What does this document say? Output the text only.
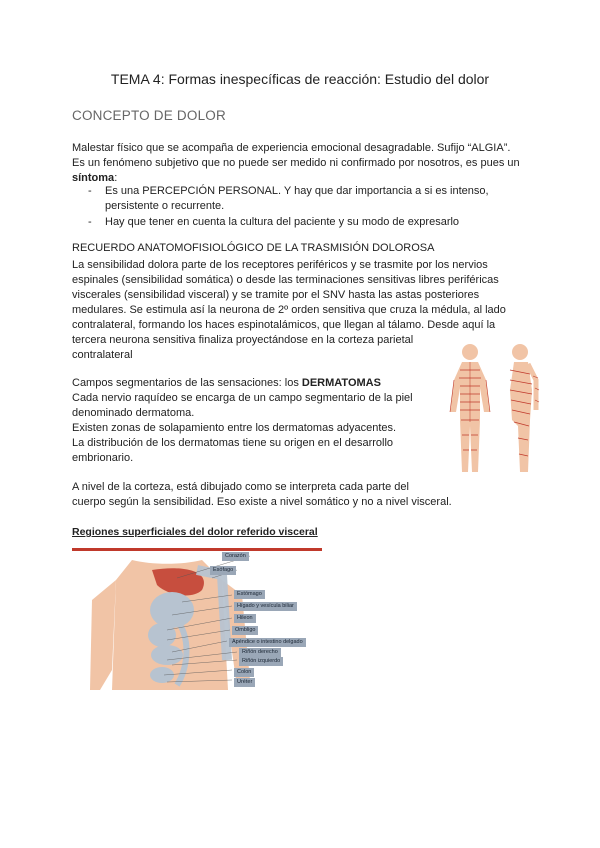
TEMA 4: Formas inespecíficas de reacción: Estudio del dolor
CONCEPTO DE DOLOR

Malestar físico que se acompaña de experiencia emocional desagradable. Sufijo “ALGIA”.

Es un fenómeno subjetivo que no puede ser medido ni confirmado por nosotros, es pues un

síntoma:

- Es una PERCEPCIÓN PERSONAL. Y hay que dar importancia a si es intenso, persistente o recurrente.
- Hay que tener en cuenta la cultura del paciente y su modo de expresarlo
RECUERDO ANATOMOFISIOLÓGICO DE LA TRASMISIÓN DOLOROSA

La sensibilidad dolora parte de los receptores periféricos y se trasmite por los nervios

espinales (sensibilidad somática) o desde las terminaciones sensitivas libres periféricas

viscerales (sensibilidad visceral) y se tramite por el SNV hasta las astas posteriores

medulares. Se estimula así la neurona de 2º orden sensitiva que cruza la médula, al lado

contralateral, formando los haces espinotalámicos, que llegan al tálamo. Desde aquí la

tercera neurona sensitiva finaliza proyectándose en la corteza parietal

contralateral

Campos segmentarios de las sensaciones: los DERMATOMAS

Cada nervio raquídeo se encarga de un campo segmentario de la piel

denominado dermatoma.

Existen zonas de solapamiento entre los dermatomas adyacentes.

La distribución de los dermatomas tiene su origen en el desarrollo

embrionario.

A nivel de la corteza, está dibujado como se interpreta cada parte del

cuerpo según la sensibilidad. Eso existe a nivel somático y no a nivel visceral.

Regiones superficiales del dolor referido visceral
Corazón
Esófago
Estómago
Hígado y vesícula biliar
Hileon
Ombligo
Apéndice o intestino delgado
Riñón derecho
Riñón izquierdo
Colon
Uréter
